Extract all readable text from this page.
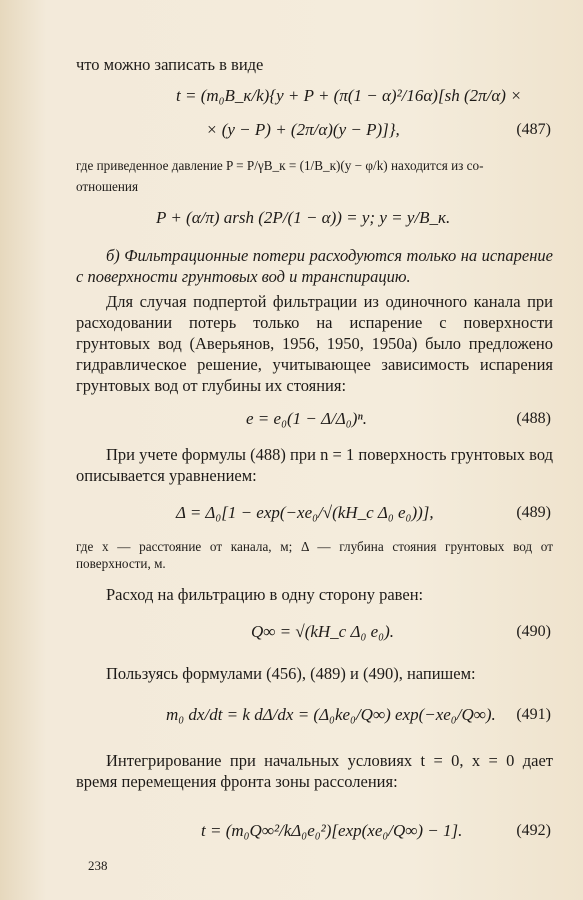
что можно записать в виде

t = (m₀B_к/k){y + P + (π(1 − α)²/16α)[sh (2π/α) ×
× (y − P) + (2π/α)(y − P)]},	(487)

где приведенное давление P = P/γB_к = (1/B_к)(y − φ/k) находится из со-

отношения

P + (α/π) arsh (2P/(1 − α)) = y; y = y/B_к.

б) Фильтрационные потери расходуются только на испарение с поверхности грунтовых вод и транспирацию.

Для случая подпертой фильтрации из одиночного канала при расходовании потерь только на испарение с поверхности грунтовых вод (Аверьянов, 1956, 1950, 1950а) было предложено гидравлическое решение, учитывающее зависимость испарения грунтовых вод от глубины их стояния:

e = e₀(1 − Δ/Δ₀)ⁿ.	(488)

При учете формулы (488) при n = 1 поверхность грунтовых вод описывается уравнением:

Δ = Δ₀[1 − exp(−xe₀/√(kH_c Δ₀ e₀))],	(489)

где x — расстояние от канала, м; Δ — глубина стояния грунтовых вод от поверхности, м.

Расход на фильтрацию в одну сторону равен:

Q∞ = √(kH_c Δ₀ e₀).	(490)

Пользуясь формулами (456), (489) и (490), напишем:

m₀ dx/dt = k dΔ/dx = (Δ₀ke₀/Q∞) exp(−xe₀/Q∞). (491)

Интегрирование при начальных условиях t = 0, x = 0 дает время перемещения фронта зоны рассоления:

t = (m₀Q∞²/kΔ₀e₀²)[exp(xe₀/Q∞) − 1].	(492)
238
